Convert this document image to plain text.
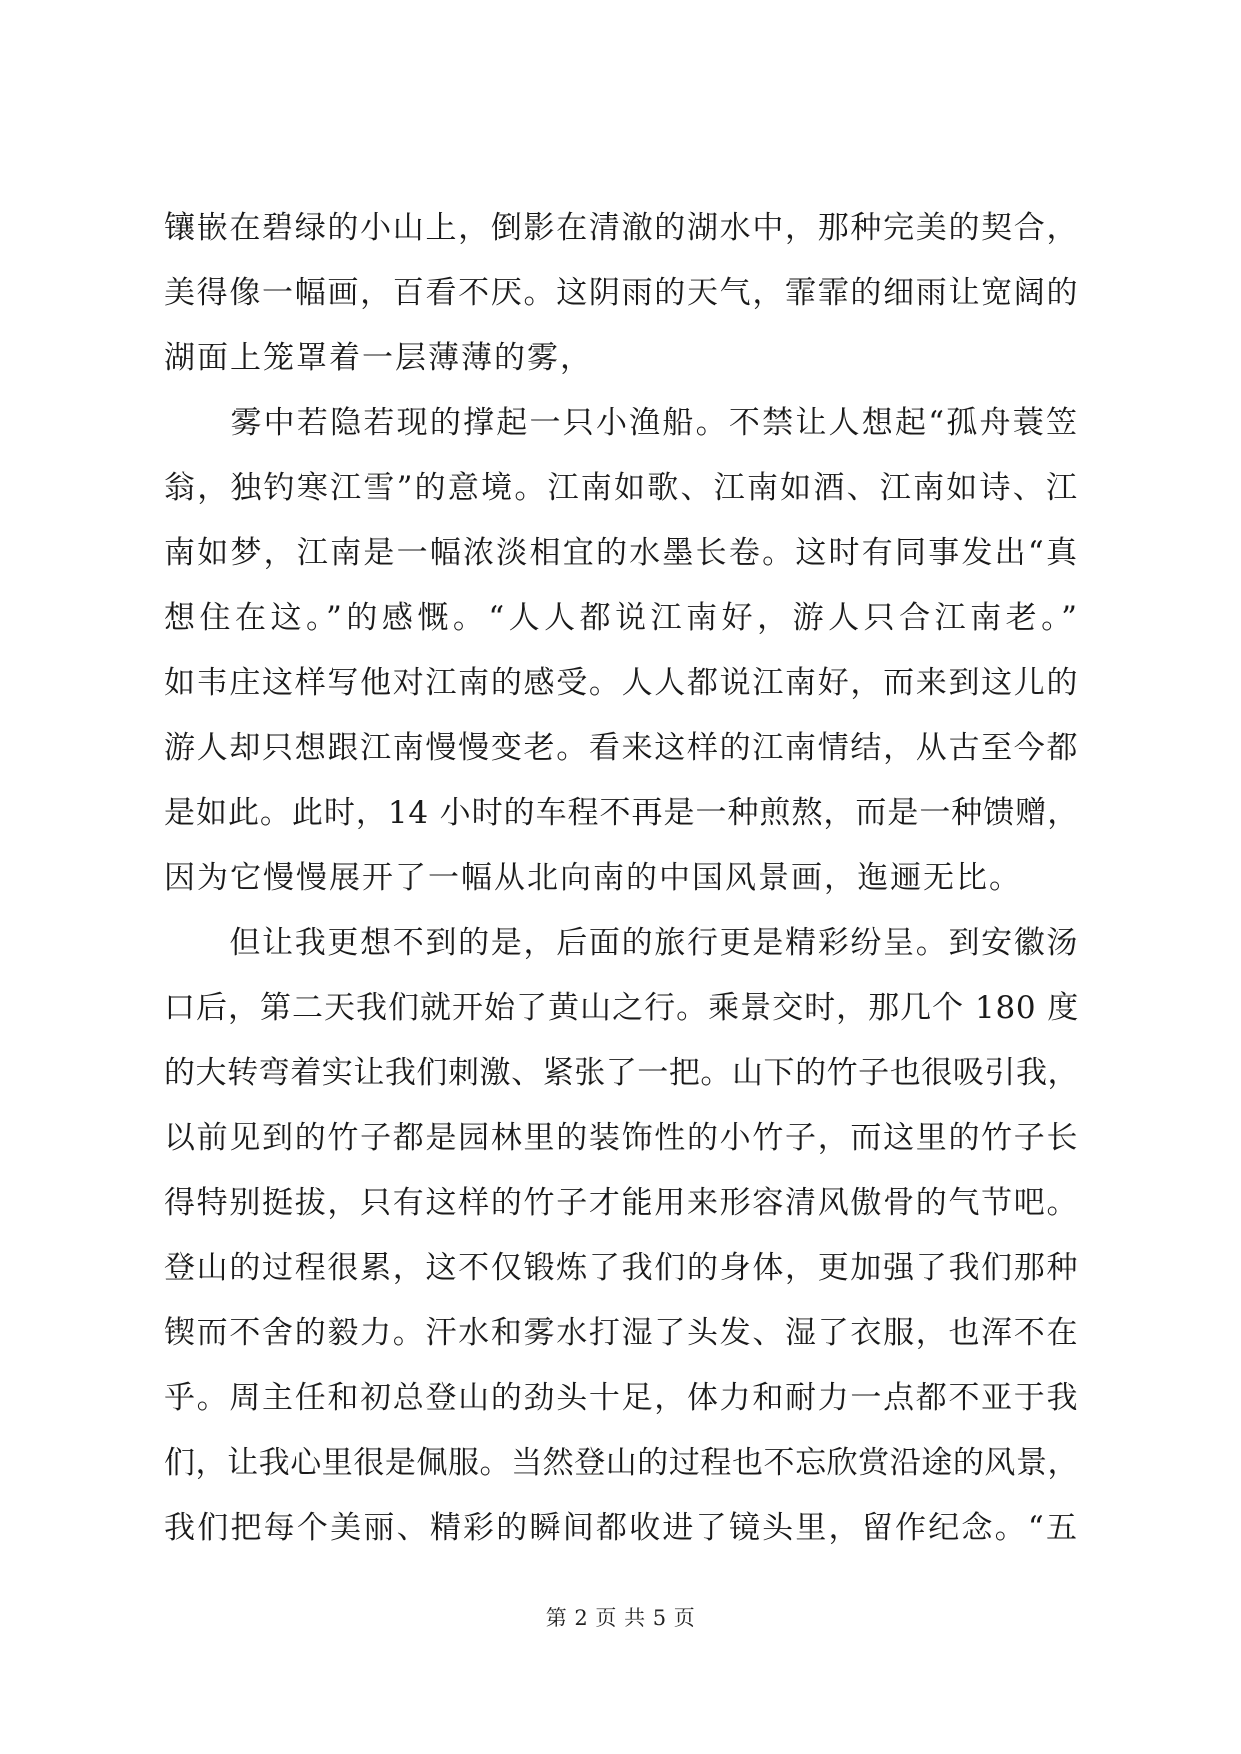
镶嵌在碧绿的小山上，倒影在清澈的湖水中，那种完美的契合，
美得像一幅画，百看不厌。这阴雨的天气，霏霏的细雨让宽阔的
湖面上笼罩着一层薄薄的雾，
　　雾中若隐若现的撑起一只小渔船。不禁让人想起“孤舟蓑笠
翁，独钓寒江雪”的意境。江南如歌、江南如酒、江南如诗、江
南如梦，江南是一幅浓淡相宜的水墨长卷。这时有同事发出“真
想住在这。”的感慨。“人人都说江南好，游人只合江南老。”
如韦庄这样写他对江南的感受。人人都说江南好，而来到这儿的
游人却只想跟江南慢慢变老。看来这样的江南情结，从古至今都
是如此。此时，14 小时的车程不再是一种煎熬，而是一种馈赠，
因为它慢慢展开了一幅从北向南的中国风景画，迤逦无比。
　　但让我更想不到的是，后面的旅行更是精彩纷呈。到安徽汤
口后，第二天我们就开始了黄山之行。乘景交时，那几个 180 度
的大转弯着实让我们刺激、紧张了一把。山下的竹子也很吸引我，
以前见到的竹子都是园林里的装饰性的小竹子，而这里的竹子长
得特别挺拔，只有这样的竹子才能用来形容清风傲骨的气节吧。
登山的过程很累，这不仅锻炼了我们的身体，更加强了我们那种
锲而不舍的毅力。汗水和雾水打湿了头发、湿了衣服，也浑不在
乎。周主任和初总登山的劲头十足，体力和耐力一点都不亚于我
们，让我心里很是佩服。当然登山的过程也不忘欣赏沿途的风景，
我们把每个美丽、精彩的瞬间都收进了镜头里，留作纪念。“五
第 2 页 共 5 页
